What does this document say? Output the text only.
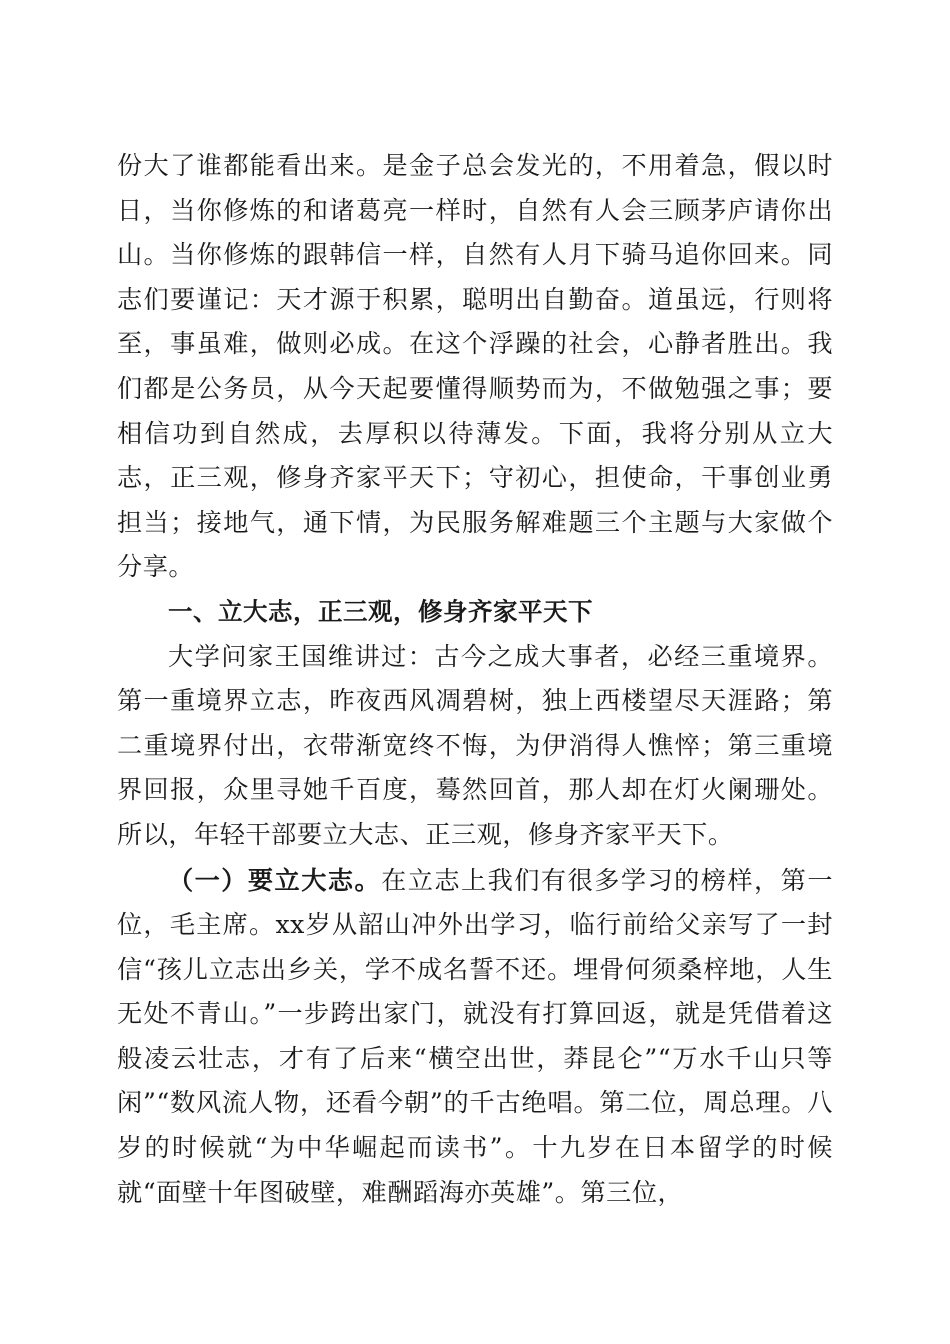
份大了谁都能看出来。是金子总会发光的，不用着急，假以时日，当你修炼的和诸葛亮一样时，自然有人会三顾茅庐请你出山。当你修炼的跟韩信一样，自然有人月下骑马追你回来。同志们要谨记：天才源于积累，聪明出自勤奋。道虽远，行则将至，事虽难，做则必成。在这个浮躁的社会，心静者胜出。我们都是公务员，从今天起要懂得顺势而为，不做勉强之事；要相信功到自然成，去厚积以待薄发。下面，我将分别从立大志，正三观，修身齐家平天下；守初心，担使命，干事创业勇担当；接地气，通下情，为民服务解难题三个主题与大家做个分享。

一、立大志，正三观，修身齐家平天下

大学问家王国维讲过：古今之成大事者，必经三重境界。第一重境界立志，昨夜西风凋碧树，独上西楼望尽天涯路；第二重境界付出，衣带渐宽终不悔，为伊消得人憔悴；第三重境界回报，众里寻她千百度，蓦然回首，那人却在灯火阑珊处。所以，年轻干部要立大志、正三观，修身齐家平天下。

（一）要立大志。在立志上我们有很多学习的榜样，第一位，毛主席。xx岁从韶山冲外出学习，临行前给父亲写了一封信“孩儿立志出乡关，学不成名誓不还。埋骨何须桑梓地，人生无处不青山。”一步跨出家门，就没有打算回返，就是凭借着这般凌云壮志，才有了后来“横空出世，莽昆仑”“万水千山只等闲”“数风流人物，还看今朝”的千古绝唱。第二位，周总理。八岁的时候就“为中华崛起而读书”。十九岁在日本留学的时候就“面壁十年图破壁，难酬蹈海亦英雄”。第三位，
